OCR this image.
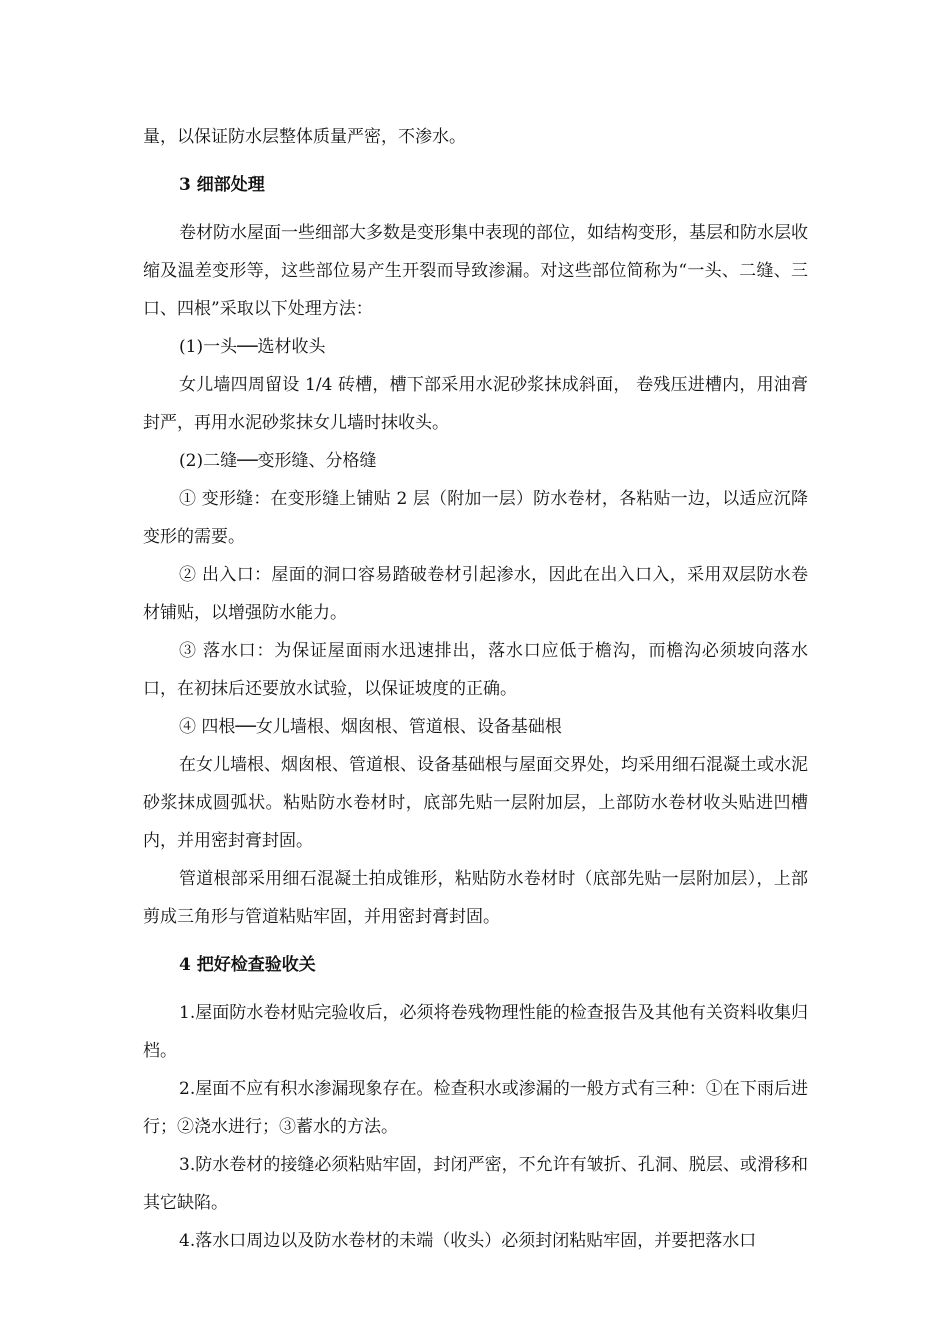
量，以保证防水层整体质量严密，不渗水。

3 细部处理

卷材防水屋面一些细部大多数是变形集中表现的部位，如结构变形，基层和防水层收缩及温差变形等，这些部位易产生开裂而导致渗漏。对这些部位简称为“一头、二缝、三口、四根”采取以下处理方法：

(1)一头──选材收头

女儿墙四周留设 1/4 砖槽，槽下部采用水泥砂浆抹成斜面， 卷残压进槽内，用油膏封严，再用水泥砂浆抹女儿墙时抹收头。

(2)二缝──变形缝、分格缝

① 变形缝：在变形缝上铺贴 2 层（附加一层）防水卷材，各粘贴一边，以适应沉降变形的需要。

② 出入口：屋面的洞口容易踏破卷材引起渗水，因此在出入口入，采用双层防水卷材铺贴，以增强防水能力。

③ 落水口：为保证屋面雨水迅速排出，落水口应低于檐沟，而檐沟必须坡向落水口，在初抹后还要放水试验，以保证坡度的正确。

④ 四根──女儿墙根、烟囱根、管道根、设备基础根

在女儿墙根、烟囱根、管道根、设备基础根与屋面交界处，均采用细石混凝土或水泥砂浆抹成圆弧状。粘贴防水卷材时，底部先贴一层附加层，上部防水卷材收头贴进凹槽内，并用密封膏封固。

管道根部采用细石混凝土拍成锥形，粘贴防水卷材时（底部先贴一层附加层），上部剪成三角形与管道粘贴牢固，并用密封膏封固。

4 把好检查验收关

1.屋面防水卷材贴完验收后，必须将卷残物理性能的检查报告及其他有关资料收集归档。

2.屋面不应有积水渗漏现象存在。检查积水或渗漏的一般方式有三种：①在下雨后进行；②浇水进行；③蓄水的方法。

3.防水卷材的接缝必须粘贴牢固，封闭严密，不允许有皱折、孔洞、脱层、或滑移和其它缺陷。

4.落水口周边以及防水卷材的未端（收头）必须封闭粘贴牢固，并要把落水口
